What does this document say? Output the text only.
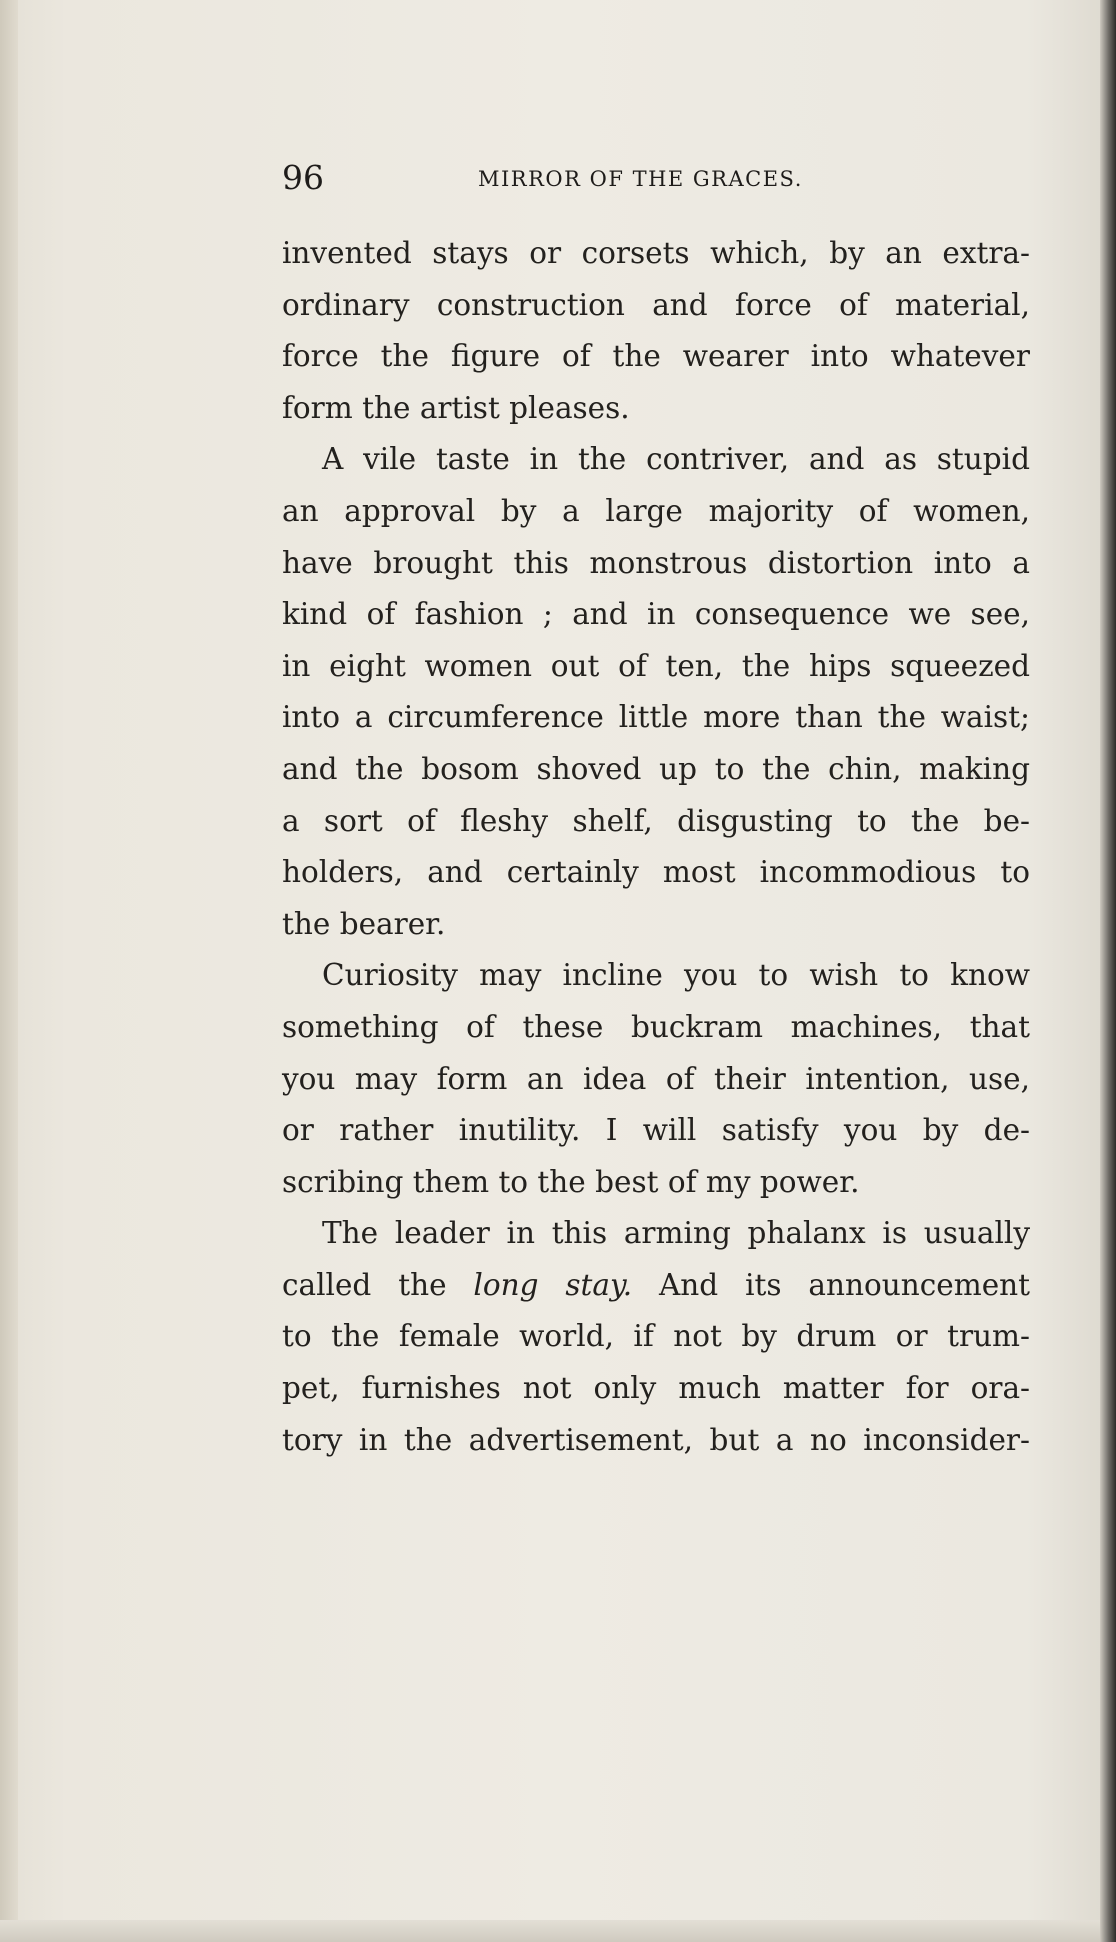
96	MIRROR OF THE GRACES.
invented stays or corsets which, by an extra-
ordinary construction and force of material,
force the figure of the wearer into whatever
form the artist pleases.
A vile taste in the contriver, and as stupid
an approval by a large majority of women,
have brought this monstrous distortion into a
kind of fashion ; and in consequence we see,
in eight women out of ten, the hips squeezed
into a circumference little more than the waist;
and the bosom shoved up to the chin, making
a sort of fleshy shelf, disgusting to the be-
holders, and certainly most incommodious to
the bearer.
Curiosity may incline you to wish to know
something of these buckram machines, that
you may form an idea of their intention, use,
or rather inutility. I will satisfy you by de-
scribing them to the best of my power.
The leader in this arming phalanx is usually
called the long stay. And its announcement
to the female world, if not by drum or trum-
pet, furnishes not only much matter for ora-
tory in the advertisement, but a no inconsider-
